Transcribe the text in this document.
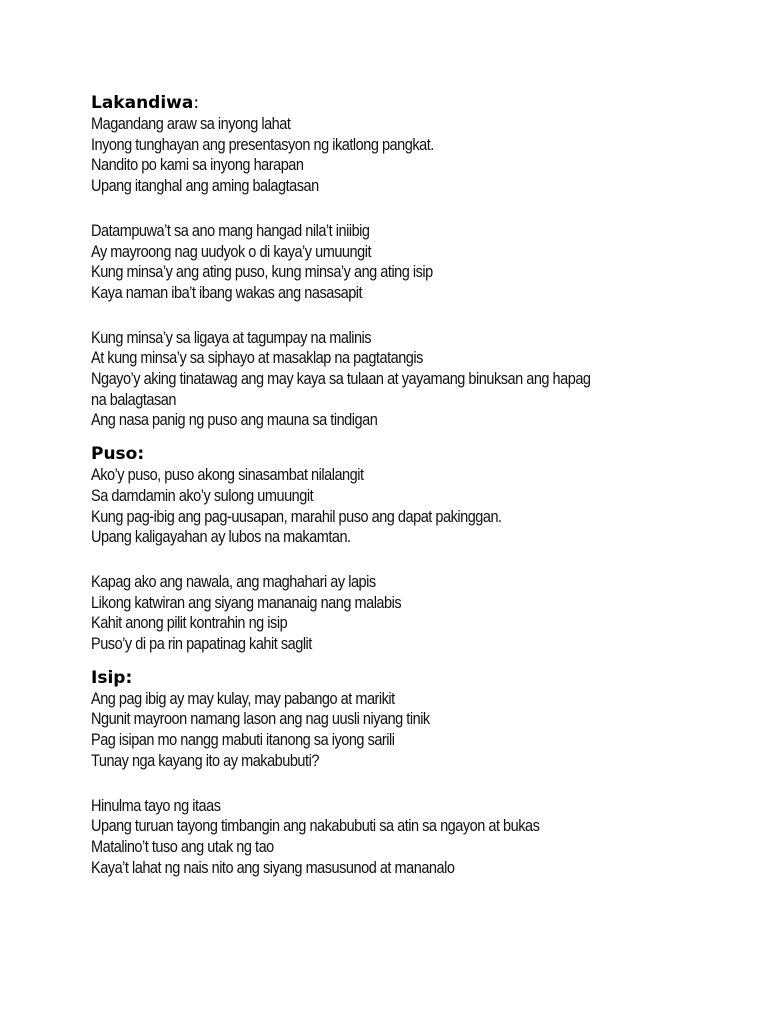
Lakandiwa:

Magandang araw sa inyong lahat

Inyong tunghayan ang presentasyon ng ikatlong pangkat.

Nandito po kami sa inyong harapan

Upang itanghal ang aming balagtasan

Datampuwa’t sa ano mang hangad nila’t iniibig

Ay mayroong nag uudyok o di kaya’y umuungit

Kung minsa’y ang ating puso, kung minsa’y ang ating isip

Kaya naman iba’t ibang wakas ang nasasapit

Kung minsa’y sa ligaya at tagumpay na malinis

At kung minsa’y sa siphayo at masaklap na pagtatangis

Ngayo’y aking tinatawag ang may kaya sa tulaan at yayamang binuksan ang hapag

na balagtasan

Ang nasa panig ng puso ang mauna sa tindigan

Puso:

Ako’y puso, puso akong sinasambat nilalangit

Sa damdamin ako’y sulong umuungit

Kung pag-ibig ang pag-uusapan, marahil puso ang dapat pakinggan.

Upang kaligayahan ay lubos na makamtan.

Kapag ako ang nawala, ang maghahari ay lapis

Likong katwiran ang siyang mananaig nang malabis

Kahit anong pilit kontrahin ng isip

Puso’y di pa rin papatinag kahit saglit

Isip:

Ang pag ibig ay may kulay, may pabango at marikit

Ngunit mayroon namang lason ang nag uusli niyang tinik

Pag isipan mo nangg mabuti itanong sa iyong sarili

Tunay nga kayang ito ay makabubuti?

Hinulma tayo ng itaas

Upang turuan tayong timbangin ang nakabubuti sa atin sa ngayon at bukas

Matalino’t tuso ang utak ng tao

Kaya’t lahat ng nais nito ang siyang masusunod at mananalo
